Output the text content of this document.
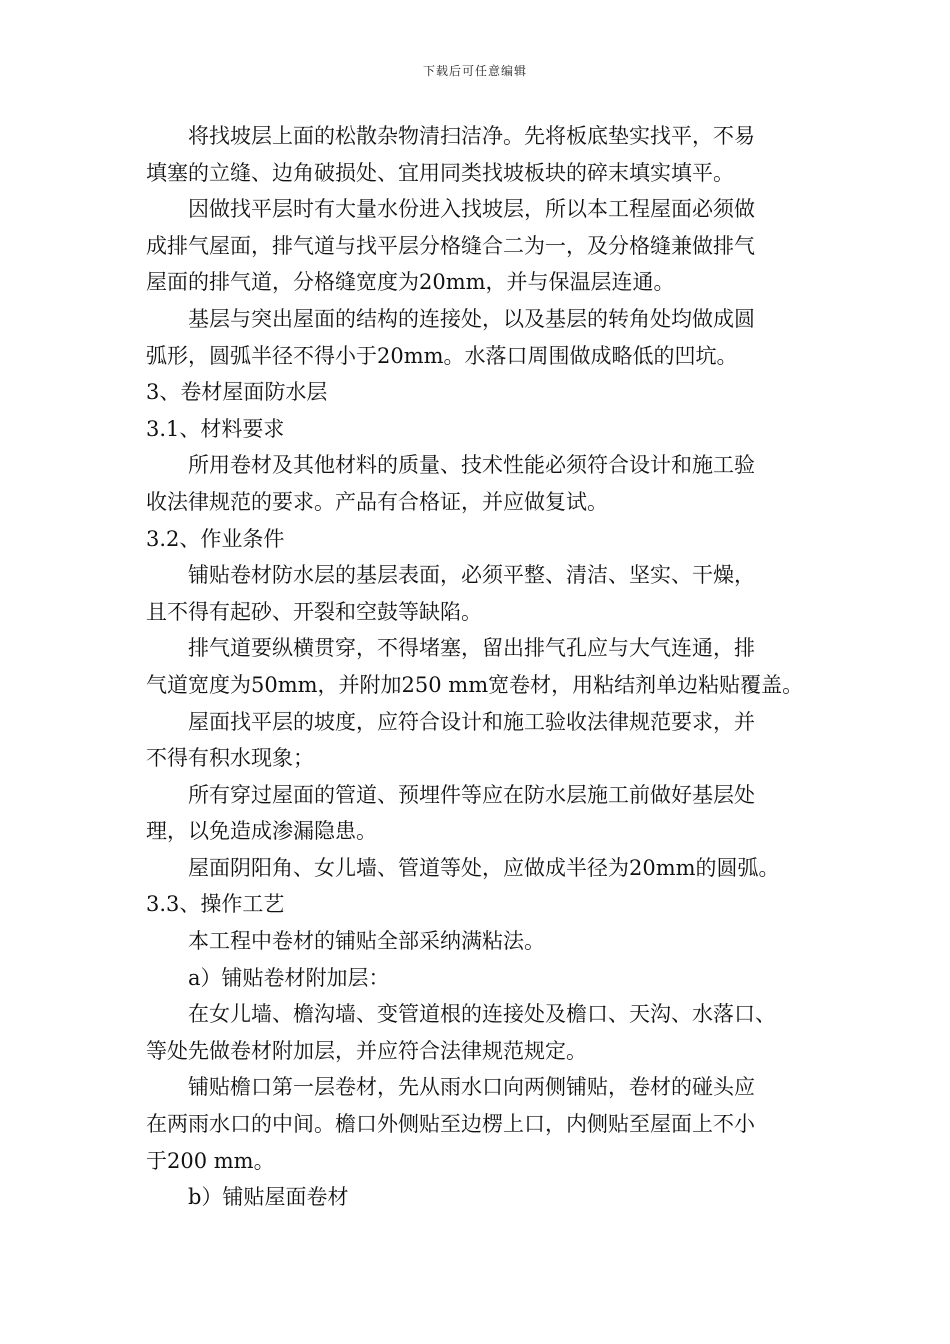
下载后可任意编辑
将找坡层上面的松散杂物清扫洁净。先将板底垫实找平，不易
填塞的立缝、边角破损处、宜用同类找坡板块的碎末填实填平。
因做找平层时有大量水份进入找坡层，所以本工程屋面必须做
成排气屋面，排气道与找平层分格缝合二为一，及分格缝兼做排气
屋面的排气道，分格缝宽度为20mm，并与保温层连通。
基层与突出屋面的结构的连接处，以及基层的转角处均做成圆
弧形，圆弧半径不得小于20mm。水落口周围做成略低的凹坑。
3、卷材屋面防水层
3.1、材料要求
所用卷材及其他材料的质量、技术性能必须符合设计和施工验
收法律规范的要求。产品有合格证，并应做复试。
3.2、作业条件
铺贴卷材防水层的基层表面，必须平整、清洁、坚实、干燥，
且不得有起砂、开裂和空鼓等缺陷。
排气道要纵横贯穿，不得堵塞，留出排气孔应与大气连通，排
气道宽度为50mm，并附加250 mm宽卷材，用粘结剂单边粘贴覆盖。
屋面找平层的坡度，应符合设计和施工验收法律规范要求，并
不得有积水现象；
所有穿过屋面的管道、预埋件等应在防水层施工前做好基层处
理，以免造成渗漏隐患。
屋面阴阳角、女儿墙、管道等处，应做成半径为20mm的圆弧。
3.3、操作工艺
本工程中卷材的铺贴全部采纳满粘法。
a）铺贴卷材附加层：
在女儿墙、檐沟墙、变管道根的连接处及檐口、天沟、水落口、
等处先做卷材附加层，并应符合法律规范规定。
铺贴檐口第一层卷材，先从雨水口向两侧铺贴，卷材的碰头应
在两雨水口的中间。檐口外侧贴至边楞上口，内侧贴至屋面上不小
于200 mm。
b）铺贴屋面卷材
